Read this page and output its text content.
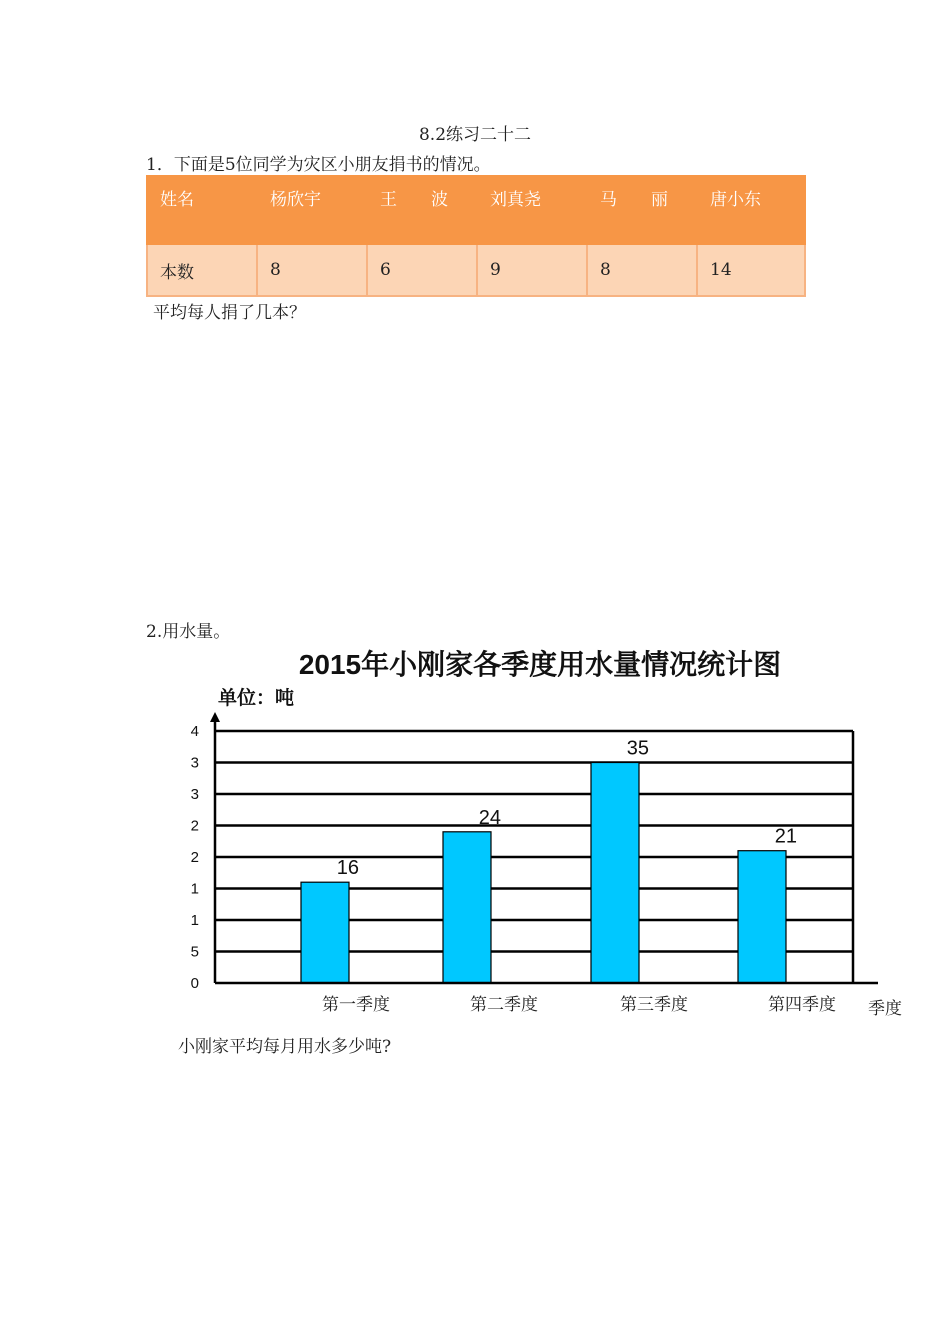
8.2练习二十二
1．下面是5位同学为灾区小朋友捐书的情况。
姓名	杨欣宇	王　　波	刘真尧	马　　丽	唐小东
本数	8	6	9	8	14
平均每人捐了几本？
2.用水量。
2015年小刚家各季度用水量情况统计图
单位：吨
0
5
1
1
2
2
3
3
4
16
24
35
21
第一季度	第二季度	第三季度	第四季度 季度
小刚家平均每月用水多少吨?
